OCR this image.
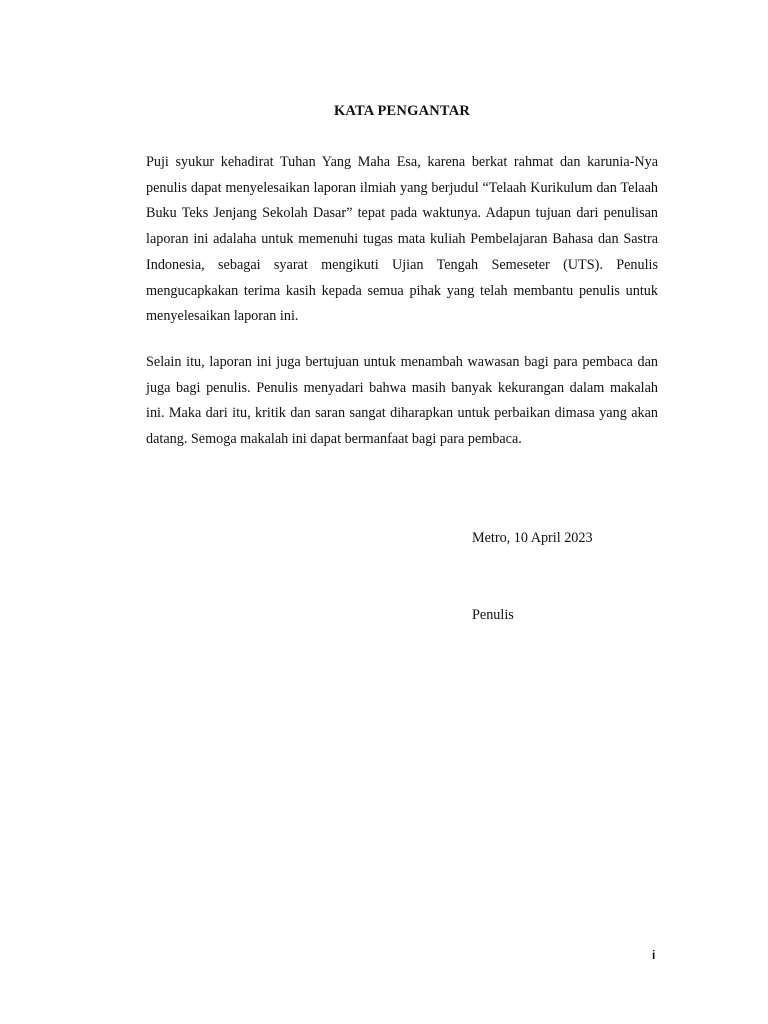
KATA PENGANTAR

Puji syukur kehadirat Tuhan Yang Maha Esa, karena berkat rahmat dan karunia-Nya penulis dapat menyelesaikan laporan ilmiah yang berjudul “Telaah Kurikulum dan Telaah Buku Teks Jenjang Sekolah Dasar” tepat pada waktunya. Adapun tujuan dari penulisan laporan ini adalaha untuk memenuhi tugas mata kuliah Pembelajaran Bahasa dan Sastra Indonesia, sebagai syarat mengikuti Ujian Tengah Semeseter (UTS). Penulis mengucapkakan terima kasih kepada semua pihak yang telah membantu penulis untuk menyelesaikan laporan ini.

Selain itu, laporan ini juga bertujuan untuk menambah wawasan bagi para pembaca dan juga bagi penulis. Penulis menyadari bahwa masih banyak kekurangan dalam makalah ini. Maka dari itu, kritik dan saran sangat diharapkan untuk perbaikan dimasa yang akan datang. Semoga makalah ini dapat bermanfaat bagi para pembaca.

Metro, 10 April 2023
Penulis
i
